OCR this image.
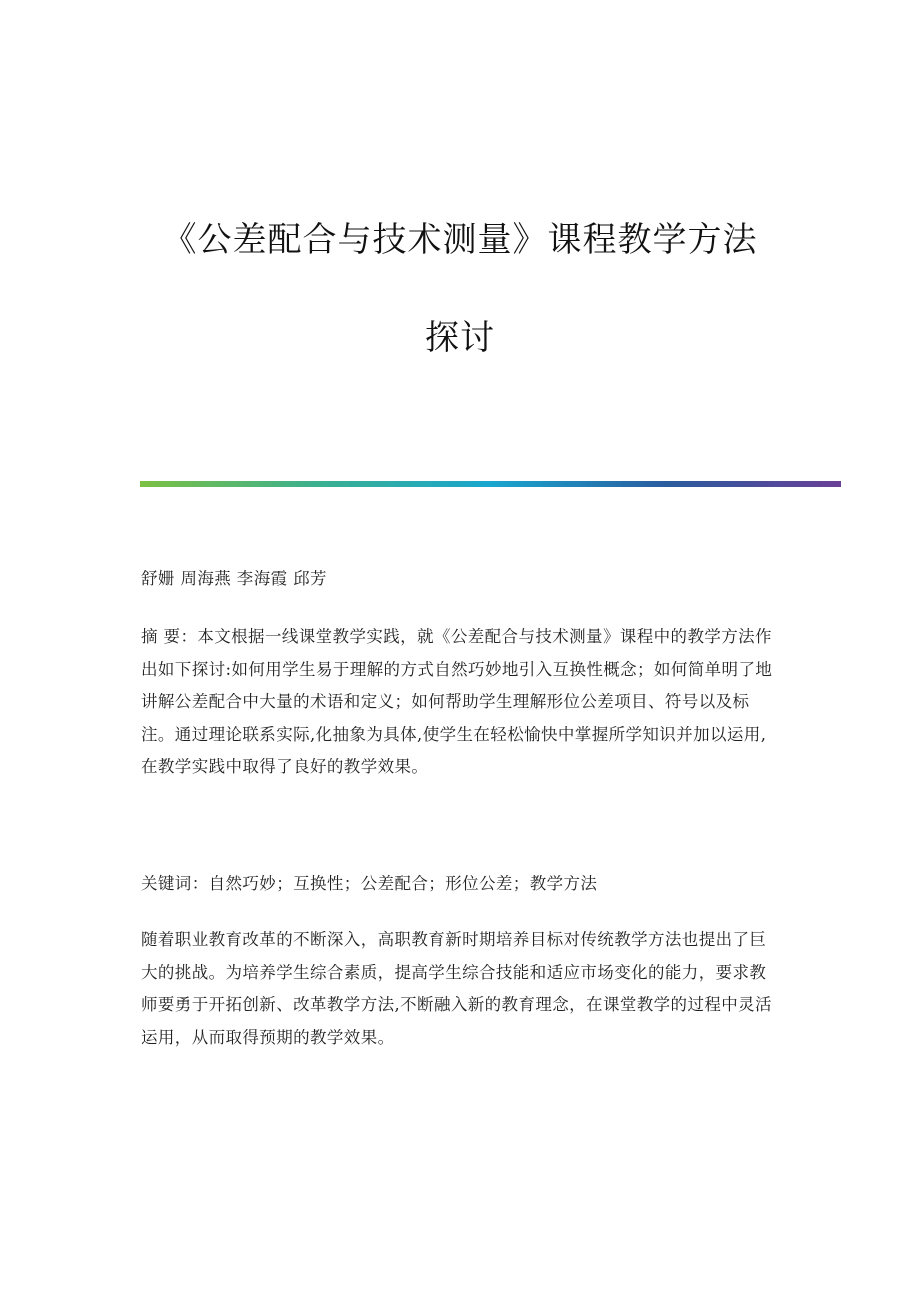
《公差配合与技术测量》课程教学方法
探讨

舒姗 周海燕 李海霞 邱芳

摘 要：本文根据一线课堂教学实践，就《公差配合与技术测量》课程中的教学方法作出如下探讨:如何用学生易于理解的方式自然巧妙地引入互换性概念；如何简单明了地讲解公差配合中大量的术语和定义；如何帮助学生理解形位公差项目、符号以及标注。通过理论联系实际,化抽象为具体,使学生在轻松愉快中掌握所学知识并加以运用,在教学实践中取得了良好的教学效果。

关键词：自然巧妙；互换性；公差配合；形位公差；教学方法

随着职业教育改革的不断深入，高职教育新时期培养目标对传统教学方法也提出了巨大的挑战。为培养学生综合素质，提高学生综合技能和适应市场变化的能力，要求教师要勇于开拓创新、改革教学方法,不断融入新的教育理念，在课堂教学的过程中灵活运用，从而取得预期的教学效果。
